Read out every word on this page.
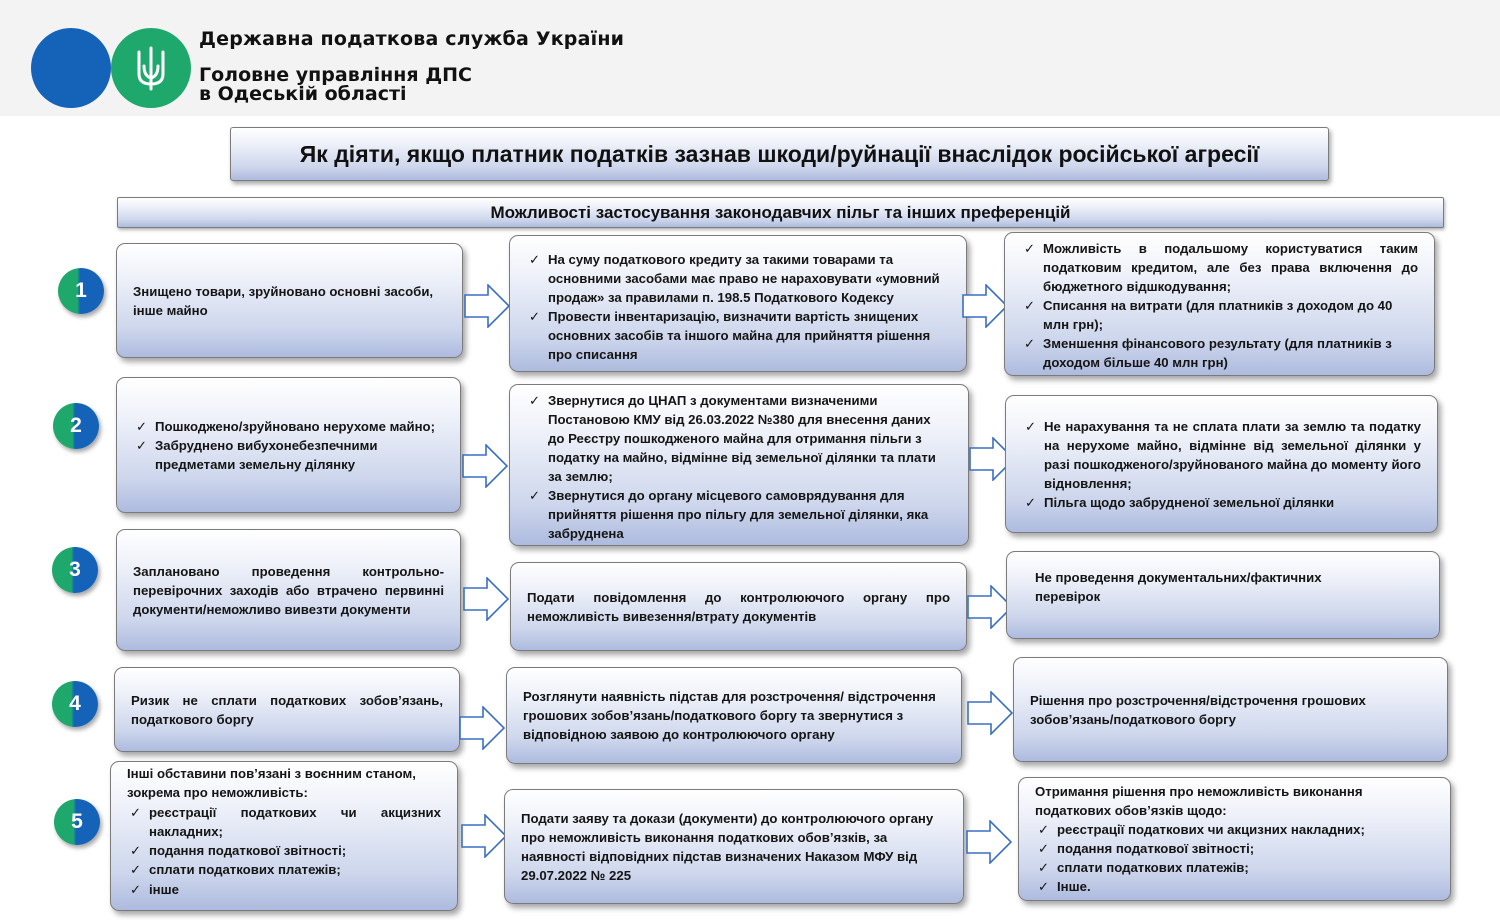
Державна податкова служба України
Головне управління ДПС
в Одеській області
Як діяти, якщо платник податків зазнав шкоди/руйнації внаслідок російської агресії
Можливості застосування законодавчих пільг та інших преференцій
1	Знищено товари, зруйновано основні засоби, інше майно

✓ На суму податкового кредиту за такими товарами та основними засобами має право не нараховувати «умовний продаж» за правилами п. 198.5 Податкового Кодексу
✓ Провести інвентаризацію, визначити вартість знищених основних засобів та іншого майна для прийняття рішення про списання
✓ Можливість в подальшому користуватися таким податковим кредитом, але без права включення до бюджетного відшкодування;
✓ Списання на витрати (для платників з доходом до 40 млн грн);
✓ Зменшення фінансового результату (для платників з доходом більше 40 млн грн)
2
✓	Пошкоджено/зруйновано нерухоме майно;
✓ Забруднено вибухонебезпечними предметами земельну ділянку
✓ Звернутися до ЦНАП з документами визначеними Постановою КМУ від 26.03.2022 №380 для внесення даних до Реєстру пошкодженого майна для отримання пільги з податку на майно, відмінне від земельної ділянки та плати за землю;
✓ Звернутися до органу місцевого самоврядування для прийняття рішення про пільгу для земельної ділянки, яка забруднена
✓ Не нарахування та не сплата плати за землю та податку на нерухоме майно, відмінне від земельної ділянки у разі пошкодженого/зруйнованого майна до моменту його відновлення;
✓ Пільга щодо забрудненої земельної ділянки
3	Заплановано проведення контрольно-перевірочних заходів або втрачено первинні документи/неможливо вивезти документи

Подати повідомлення до контролюючого органу про неможливість вивезення/втрату документів

Не проведення документальних/фактичних перевірок

4	Ризик не сплати податкових зобов’язань, податкового боргу

Розглянути наявність підстав для розстрочення/ відстрочення грошових зобов’язань/податкового боргу та звернутися з відповідною заявою до контролюючого органу

Рішення про розстрочення/відстрочення грошових зобов’язань/податкового боргу

5

Інші обставини пов’язані з воєнним станом, зокрема про неможливість:

✓ реєстрації податкових чи акцизних накладних;
✓ подання податкової звітності;
✓ сплати податкових платежів;
✓ інше

Подати заяву та докази (документи) до контролюючого органу про неможливість виконання податкових обов’язків, за наявності відповідних підстав визначених Наказом МФУ від 29.07.2022 № 225

Отримання рішення про неможливість виконання податкових обов’язків щодо:

✓ реєстрації податкових чи акцизних накладних;
✓ подання податкової звітності;
✓ сплати податкових платежів;
✓ Інше.
